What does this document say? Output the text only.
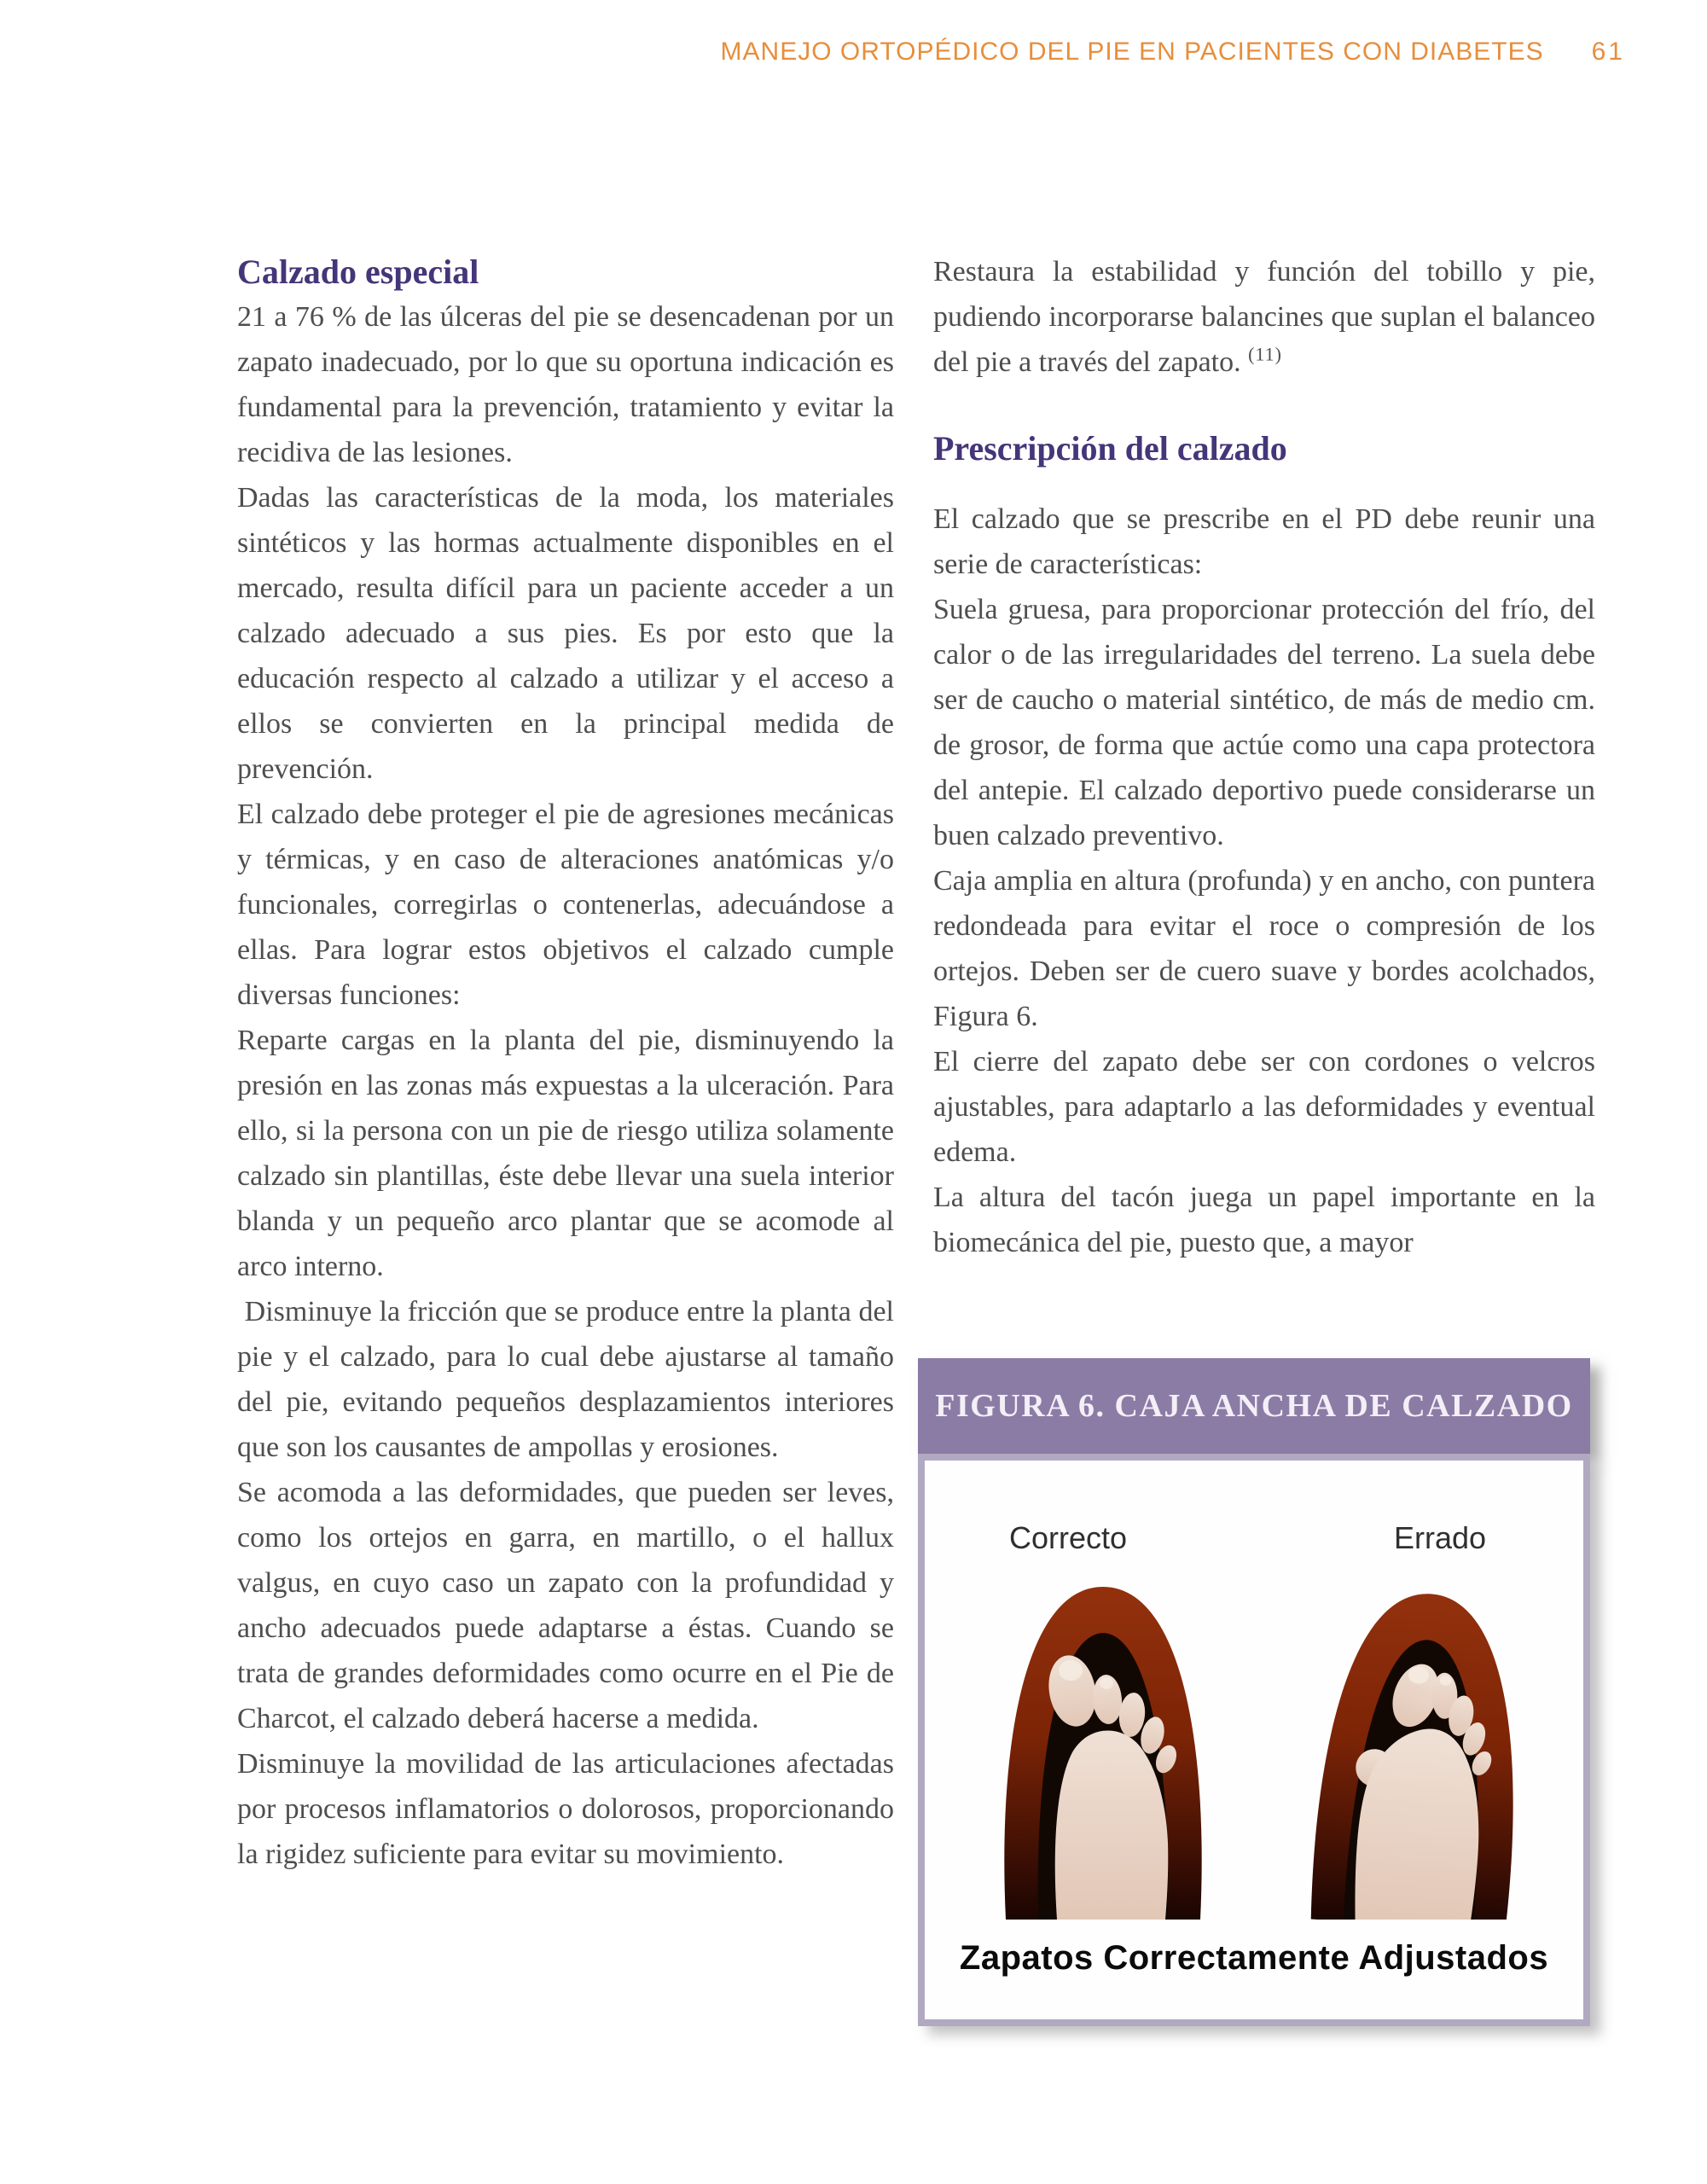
MANEJO ORTOPÉDICO DEL PIE EN PACIENTES CON DIABETES 61
Calzado especial

21 a 76 % de las úlceras del pie se desencadenan por un zapato inadecuado, por lo que su oportuna indicación es fundamental para la prevención, tratamiento y evitar la recidiva de las lesiones.

Dadas las características de la moda, los materiales sintéticos y las hormas actualmente disponibles en el mercado, resulta difícil para un paciente acceder a un calzado adecuado a sus pies. Es por esto que la educación respecto al calzado a utilizar y el acceso a ellos se convierten en la principal medida de prevención.

El calzado debe proteger el pie de agresiones mecánicas y térmicas, y en caso de alteraciones anatómicas y/o funcionales, corregirlas o contenerlas, adecuándose a ellas. Para lograr estos objetivos el calzado cumple diversas funciones:

Reparte cargas en la planta del pie, disminuyendo la presión en las zonas más expuestas a la ulceración. Para ello, si la persona con un pie de riesgo utiliza solamente calzado sin plantillas, éste debe llevar una suela interior blanda y un pequeño arco plantar que se acomode al arco interno.

Disminuye la fricción que se produce entre la planta del pie y el calzado, para lo cual debe ajustarse al tamaño del pie, evitando pequeños desplazamientos interiores que son los causantes de ampollas y erosiones.

Se acomoda a las deformidades, que pueden ser leves, como los ortejos en garra, en martillo, o el hallux valgus, en cuyo caso un zapato con la profundidad y ancho adecuados puede adaptarse a éstas. Cuando se trata de grandes deformidades como ocurre en el Pie de Charcot, el calzado deberá hacerse a medida.

Disminuye la movilidad de las articulaciones afectadas por procesos inflamatorios o dolorosos, proporcionando la rigidez suficiente para evitar su movimiento.

Restaura la estabilidad y función del tobillo y pie, pudiendo incorporarse balancines que suplan el balanceo del pie a través del zapato. $^{(11)}$

Prescripción del calzado

El calzado que se prescribe en el PD debe reunir una serie de características:

Suela gruesa, para proporcionar protección del frío, del calor o de las irregularidades del terreno. La suela debe ser de caucho o material sintético, de más de medio cm. de grosor, de forma que actúe como una capa protectora del antepie. El calzado deportivo puede considerarse un buen calzado preventivo.

Caja amplia en altura (profunda) y en ancho, con puntera redondeada para evitar el roce o compresión de los ortejos. Deben ser de cuero suave y bordes acolchados, Figura 6.

El cierre del zapato debe ser con cordones o velcros ajustables, para adaptarlo a las deformidades y eventual edema.

La altura del tacón juega un papel importante en la biomecánica del pie, puesto que, a mayor

FIGURA 6. CAJA ANCHA DE CALZADO
Correcto	Errado
Zapatos Correctamente Adjustados
